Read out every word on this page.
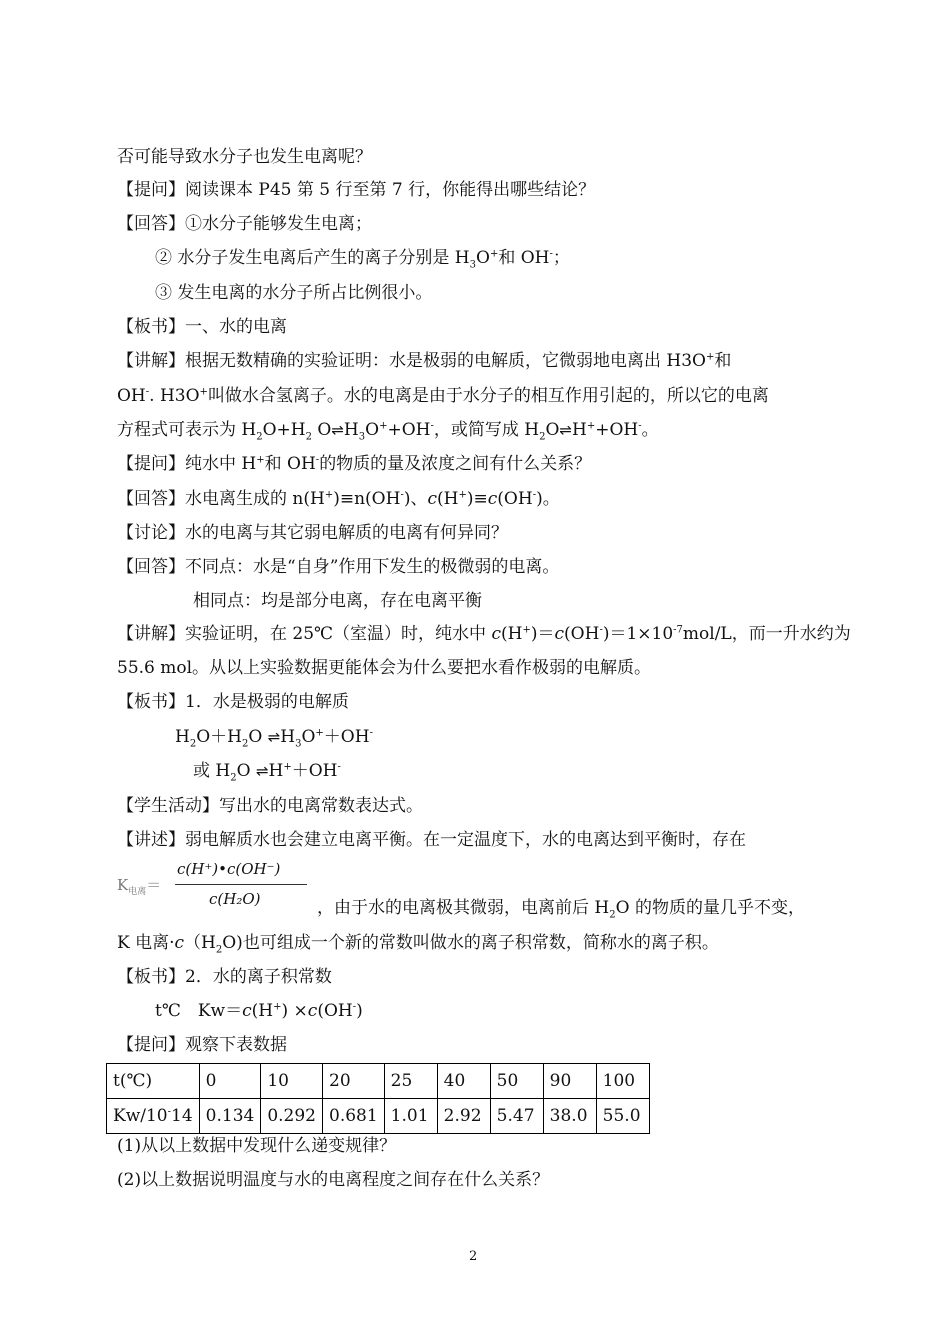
否可能导致水分子也发生电离呢？
【提问】阅读课本 P45 第 5 行至第 7 行，你能得出哪些结论？
【回答】①水分子能够发生电离；
② 水分子发生电离后产生的离子分别是 $H_3O^+$和 OH-；
③ 发生电离的水分子所占比例很小。
【板书】一、水的电离
【讲解】根据无数精确的实验证明：水是极弱的电解质，它微弱地电离出 H3O+和
OH-. H3O+叫做水合氢离子。水的电离是由于水分子的相互作用引起的，所以它的电离
方程式可表示为 $H_2O+H_2$ $O\rightleftharpoons H_3O^++OH^-$，或简写成 $H_2O\rightleftharpoons H^++OH^-$。
【提问】纯水中 H+和 OH-的物质的量及浓度之间有什么关系？
【回答】水电离生成的 n(H+)≡n(OH-)、c(H+)≡c(OH-)。
【讨论】水的电离与其它弱电解质的电离有何异同？
【回答】不同点：水是“自身”作用下发生的极微弱的电离。
相同点：均是部分电离，存在电离平衡
【讲解】实验证明，在 25℃（室温）时，纯水中 $c(H^+)=c(OH^-)=1\times 10^{-7}mol/L$，而一升水约为
55.6 mol。从以上实验数据更能体会为什么要把水看作极弱的电解质。
【板书】1．水是极弱的电解质
$H_2O+H_2O$ $\rightleftharpoons H_3O^++OH^-$
或 $H_2O$ ⇌H+＋OH-
【学生活动】写出水的电离常数表达式。
【讲述】弱电解质水也会建立电离平衡。在一定温度下，水的电离达到平衡时，存在
$K_{电离}=$
c(H⁺)•c(OH⁻)
c(H₂O)	，由于水的电离极其微弱，电离前后 $H_2O$ 的物质的量几乎不变，
K 电离$\cdot c(H_2O)$也可组成一个新的常数叫做水的离子积常数，简称水的离子积。
【板书】2．水的离子积常数
t℃　Kw＝c(H+) ×c(OH-)
【提问】观察下表数据
t(℃)	0	10	20	25	40	50	90	100
Kw/10-14	0.134	0.292	0.681	1.01	2.92	5.47	38.0	55.0
(1)从以上数据中发现什么递变规律？
(2)以上数据说明温度与水的电离程度之间存在什么关系？
2
